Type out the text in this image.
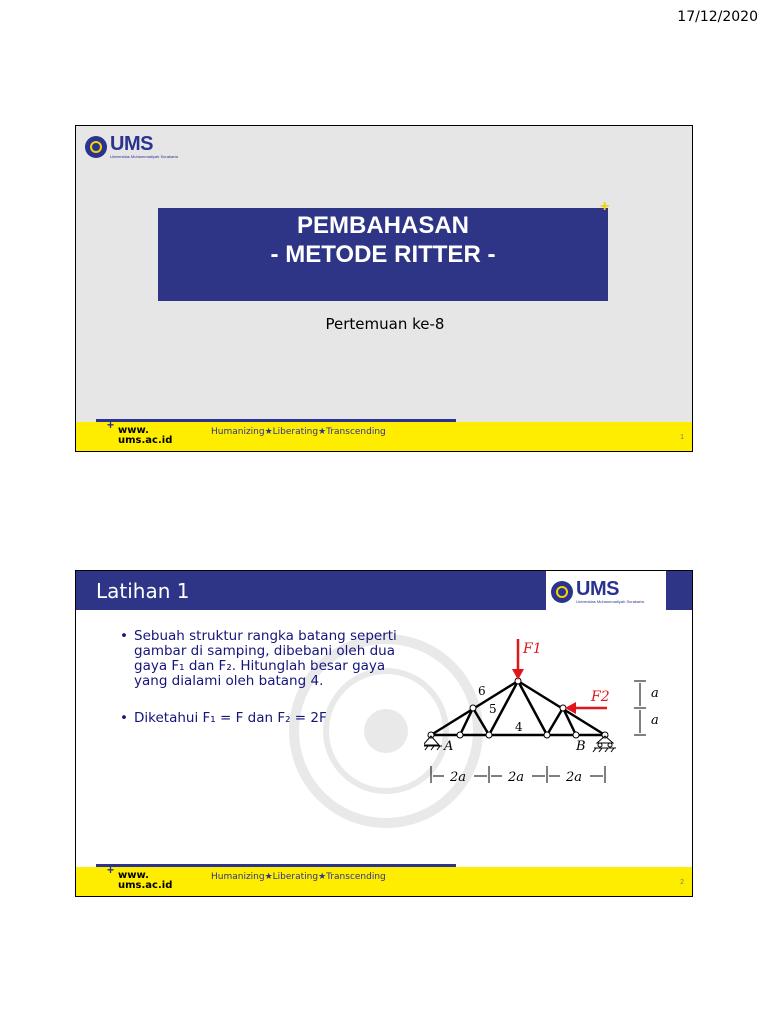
17/12/2020
UMS
Universitas Muhammadiyah Surakarta
PEMBAHASAN
- METODE RITTER -
+
Pertemuan ke-8
+ www.
ums.ac.id
Humanizing★Liberating★Transcending
1
Latihan 1	UMS
Universitas Muhammadiyah Surakarta
• Sebuah struktur rangka batang seperti gambar di samping, dibebani oleh dua gaya F₁ dan F₂. Hitunglah besar gaya yang dialami oleh batang 4.
• Diketahui F₁ = F dan F₂ = 2F
F1
F2
A	B
4
5
6	a
a
2a	2a	2a
+ www.
ums.ac.id
Humanizing★Liberating★Transcending
2
